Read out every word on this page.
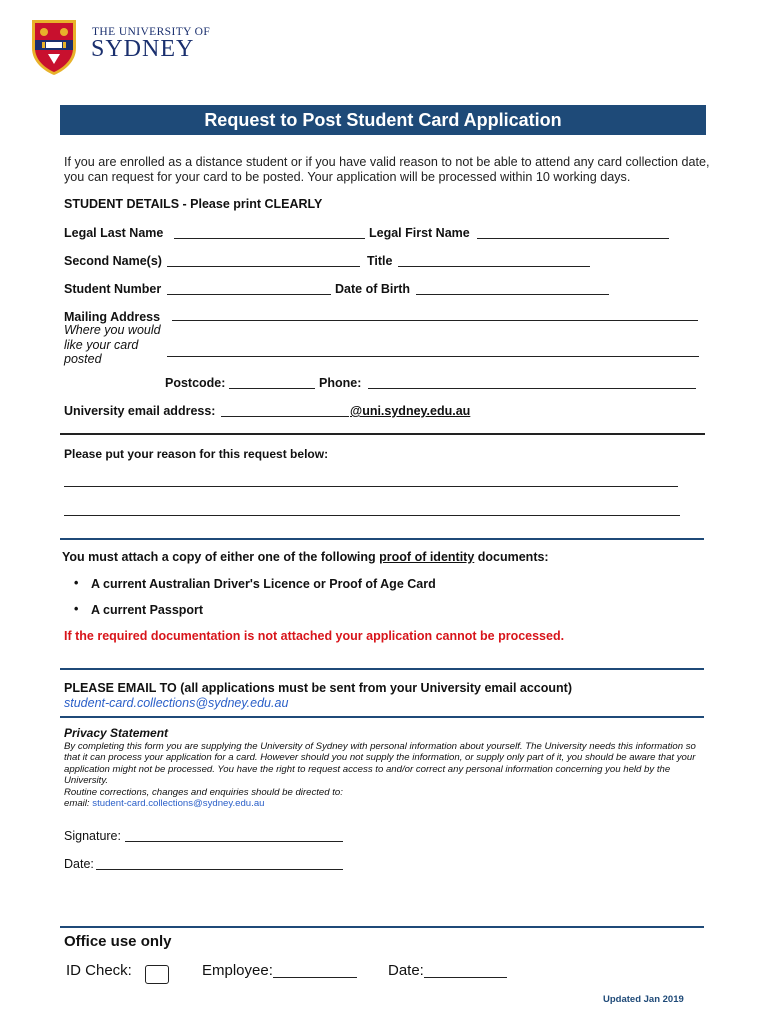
THE UNIVERSITY OF
SYDNEY
Request to Post Student Card Application
If you are enrolled as a distance student or if you have valid reason to not be able to attend any card collection date, you can request for your card to be posted. Your application will be processed within 10 working days.
STUDENT DETAILS - Please print CLEARLY
Legal Last Name	Legal First Name
Second Name(s)	Title
Student Number	Date of Birth
Mailing Address
Where you would
like your card
posted
Postcode:	Phone:
University email address:	@uni.sydney.edu.au
Please put your reason for this request below:
You must attach a copy of either one of the following proof of identity documents:
• A current Australian Driver's Licence or Proof of Age Card
• A current Passport
If the required documentation is not attached your application cannot be processed.
PLEASE EMAIL TO (all applications must be sent from your University email account)
student-card.collections@sydney.edu.au
Privacy Statement
By completing this form you are supplying the University of Sydney with personal information about yourself. The University needs this information so that it can process your application for a card. However should you not supply the information, or supply only part of it, you should be aware that your application might not be processed. You have the right to request access to and/or correct any personal information concerning you held by the University.
Routine corrections, changes and enquiries should be directed to:
email: student-card.collections@sydney.edu.au
Signature:
Date:
Office use only
ID Check:	Employee:	Date:
Updated Jan 2019
